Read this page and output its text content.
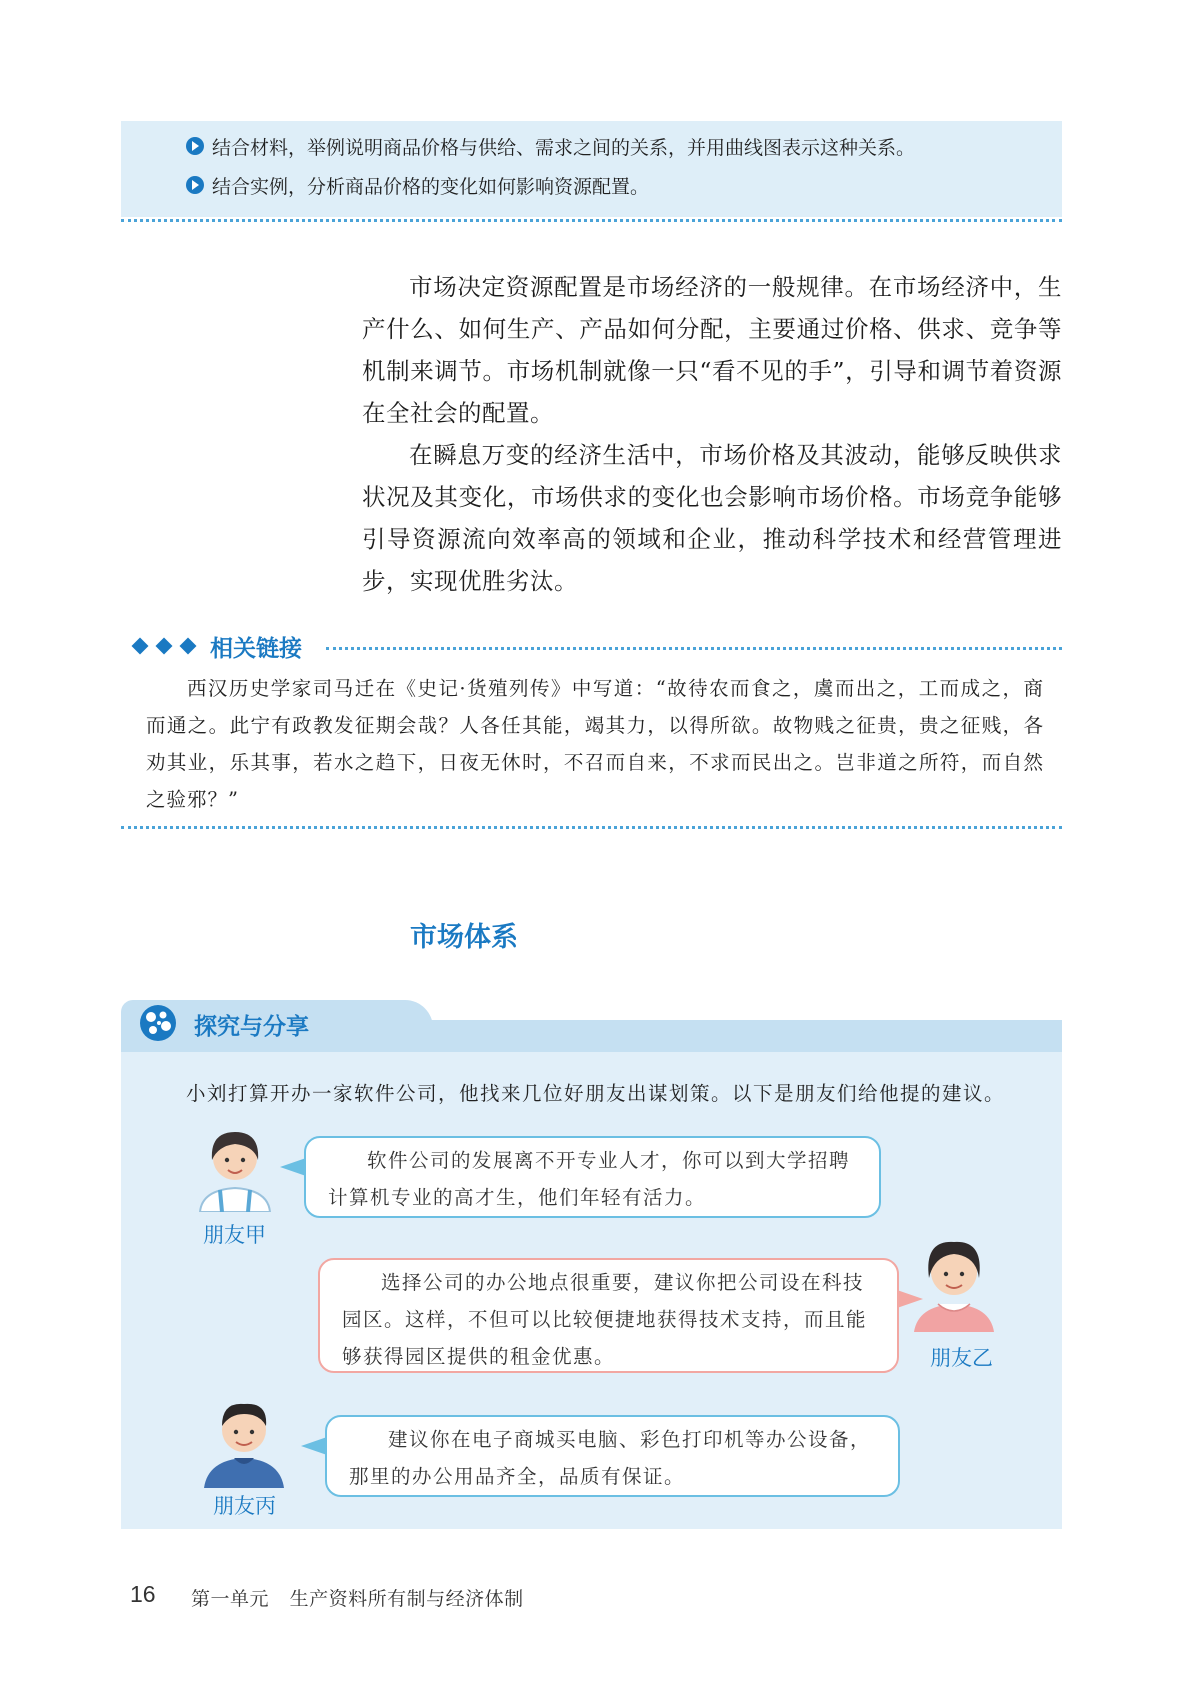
结合材料，举例说明商品价格与供给、需求之间的关系，并用曲线图表示这种关系。
结合实例，分析商品价格的变化如何影响资源配置。

市场决定资源配置是市场经济的一般规律。在市场经济中，生产什么、如何生产、产品如何分配，主要通过价格、供求、竞争等机制来调节。市场机制就像一只“看不见的手”，引导和调节着资源在全社会的配置。

在瞬息万变的经济生活中，市场价格及其波动，能够反映供求状况及其变化，市场供求的变化也会影响市场价格。市场竞争能够引导资源流向效率高的领域和企业，推动科学技术和经营管理进步，实现优胜劣汰。

相关链接

西汉历史学家司马迁在《史记·货殖列传》中写道：“故待农而食之，虞而出之，工而成之，商而通之。此宁有政教发征期会哉？人各任其能，竭其力，以得所欲。故物贱之征贵，贵之征贱，各劝其业，乐其事，若水之趋下，日夜无休时，不召而自来，不求而民出之。岂非道之所符，而自然之验邪？”

市场体系
探究与分享
小刘打算开办一家软件公司，他找来几位好朋友出谋划策。以下是朋友们给他提的建议。
朋友甲

软件公司的发展离不开专业人才，你可以到大学招聘计算机专业的高才生，他们年轻有活力。

朋友乙

选择公司的办公地点很重要，建议你把公司设在科技园区。这样，不但可以比较便捷地获得技术支持，而且能够获得园区提供的租金优惠。

朋友丙

建议你在电子商城买电脑、彩色打印机等办公设备，那里的办公用品齐全，品质有保证。

16 第一单元 生产资料所有制与经济体制
